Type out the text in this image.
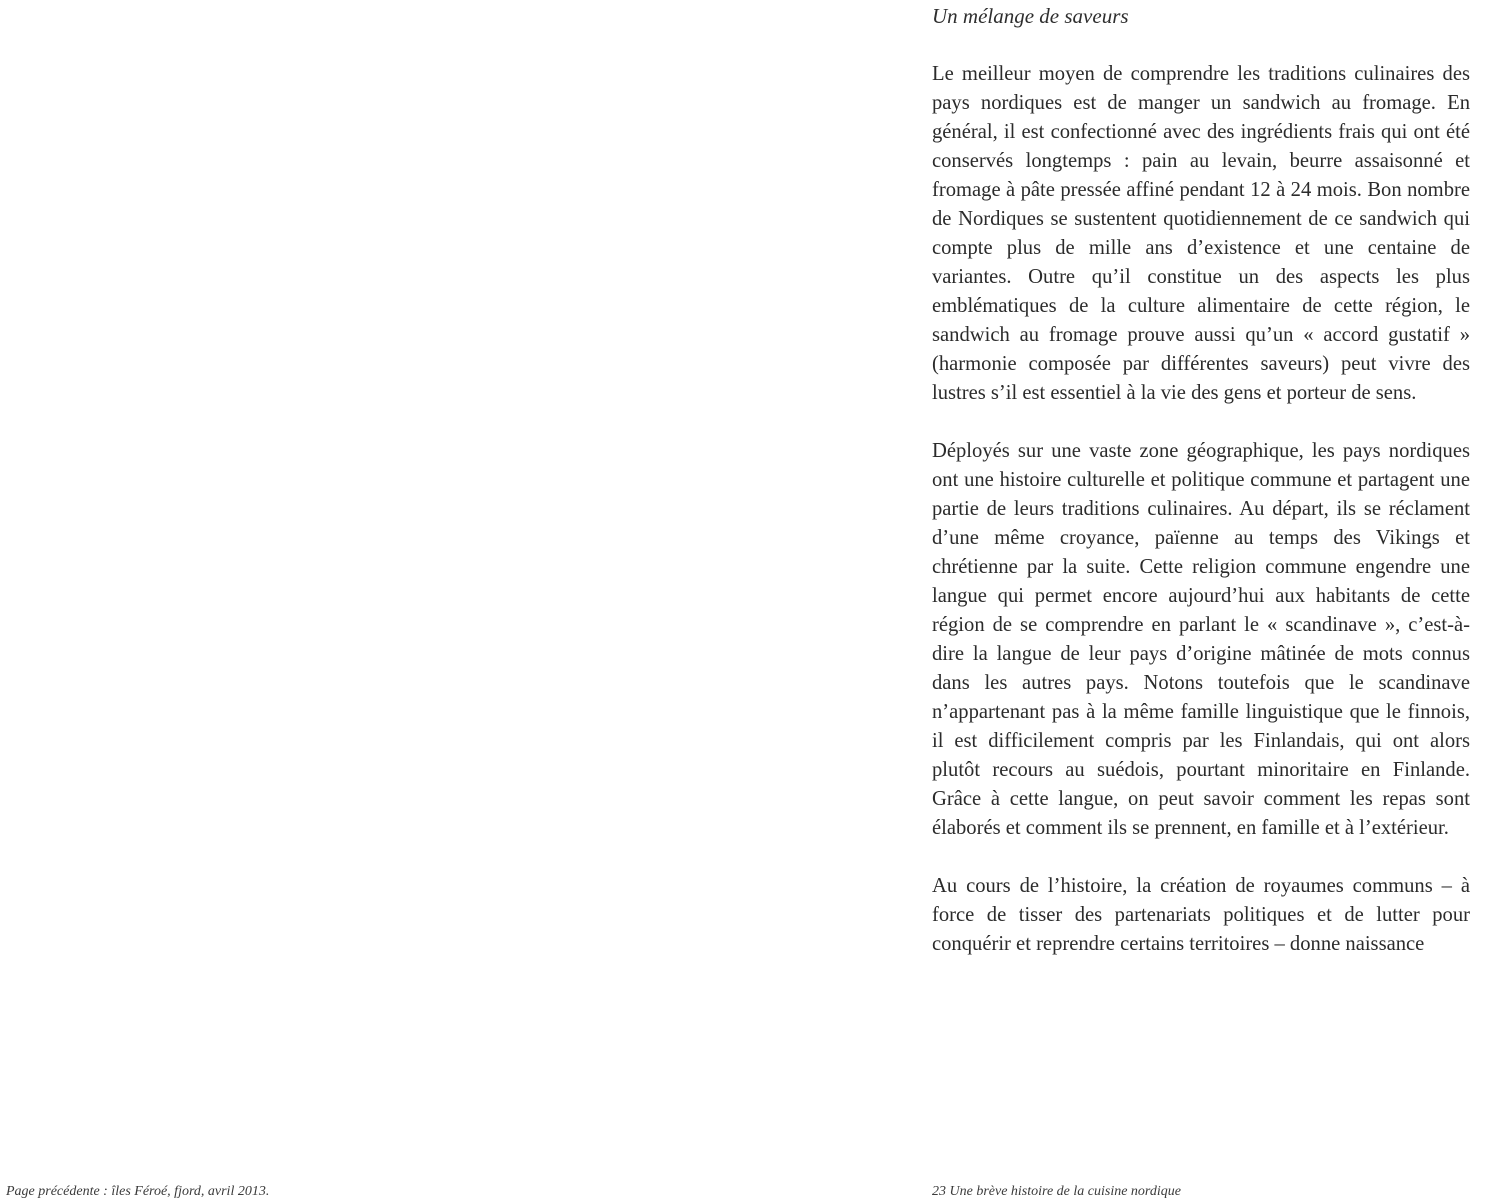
Page précédente : îles Féroé, fjord, avril 2013.
Un mélange de saveurs

Le meilleur moyen de comprendre les traditions culinaires des pays nordiques est de manger un sandwich au fromage. En général, il est confectionné avec des ingrédients frais qui ont été conservés longtemps : pain au levain, beurre assaisonné et fromage à pâte pressée affiné pendant 12 à 24 mois. Bon nombre de Nordiques se sustentent quotidiennement de ce sandwich qui compte plus de mille ans d’existence et une centaine de variantes. Outre qu’il constitue un des aspects les plus emblématiques de la culture alimentaire de cette région, le sandwich au fromage prouve aussi qu’un « accord gustatif » (harmonie composée par différentes saveurs) peut vivre des lustres s’il est essentiel à la vie des gens et porteur de sens.

Déployés sur une vaste zone géographique, les pays nordiques ont une histoire culturelle et politique commune et partagent une partie de leurs traditions culinaires. Au départ, ils se réclament d’une même croyance, païenne au temps des Vikings et chrétienne par la suite. Cette religion commune engendre une langue qui permet encore aujourd’hui aux habitants de cette région de se comprendre en parlant le « scandinave », c’est-à-dire la langue de leur pays d’origine mâtinée de mots connus dans les autres pays. Notons toutefois que le scandinave n’appartenant pas à la même famille linguistique que le finnois, il est difficilement compris par les Finlandais, qui ont alors plutôt recours au suédois, pourtant minoritaire en Finlande. Grâce à cette langue, on peut savoir comment les repas sont élaborés et comment ils se prennent, en famille et à l’extérieur.

Au cours de l’histoire, la création de royaumes communs – à force de tisser des partenariats politiques et de lutter pour conquérir et reprendre certains territoires – donne naissance

23 Une brève histoire de la cuisine nordique
